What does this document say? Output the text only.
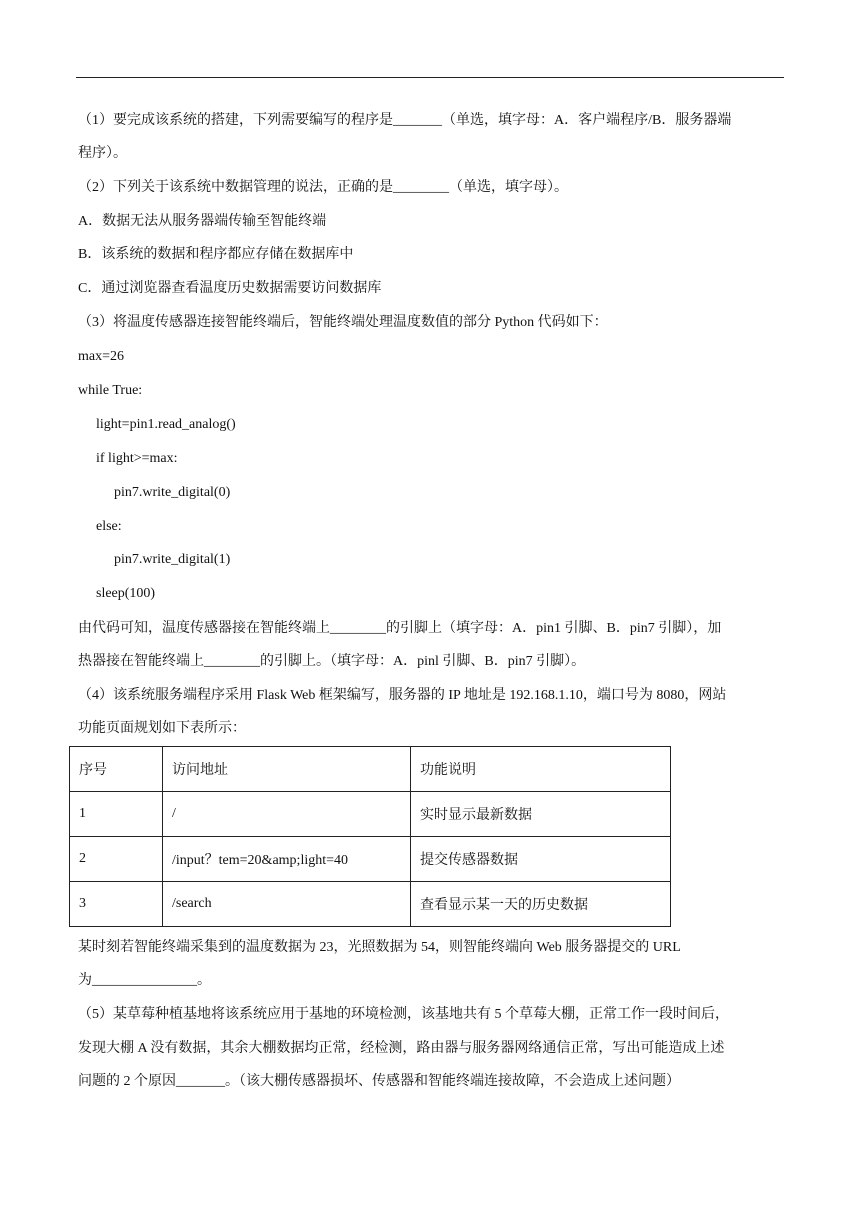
（1）要完成该系统的搭建，下列需要编写的程序是_______（单选，填字母：A．客户端程序/B．服务器端
程序）。
（2）下列关于该系统中数据管理的说法，正确的是________（单选，填字母）。
A．数据无法从服务器端传输至智能终端
B．该系统的数据和程序都应存储在数据库中
C．通过浏览器查看温度历史数据需要访问数据库
（3）将温度传感器连接智能终端后，智能终端处理温度数值的部分 Python 代码如下：
max=26
while True:
light=pin1.read_analog()
if light>=max:
pin7.write_digital(0)
else:
pin7.write_digital(1)
sleep(100)
由代码可知，温度传感器接在智能终端上________的引脚上（填字母：A．pin1 引脚、B．pin7 引脚），加
热器接在智能终端上________的引脚上。（填字母：A．pinl 引脚、B．pin7 引脚）。
（4）该系统服务端程序采用 Flask Web 框架编写，服务器的 IP 地址是 192.168.1.10，端口号为 8080，网站
功能页面规划如下表所示：
序号	访问地址	功能说明
1	/	实时显示最新数据
2	/input？tem=20&amp;light=40	提交传感器数据
3	/search	查看显示某一天的历史数据
某时刻若智能终端采集到的温度数据为 23，光照数据为 54，则智能终端向 Web 服务器提交的 URL
为_______________。
（5）某草莓种植基地将该系统应用于基地的环境检测，该基地共有 5 个草莓大棚，正常工作一段时间后，
发现大棚 A 没有数据，其余大棚数据均正常，经检测，路由器与服务器网络通信正常，写出可能造成上述
问题的 2 个原因_______。（该大棚传感器损坏、传感器和智能终端连接故障，不会造成上述问题）
